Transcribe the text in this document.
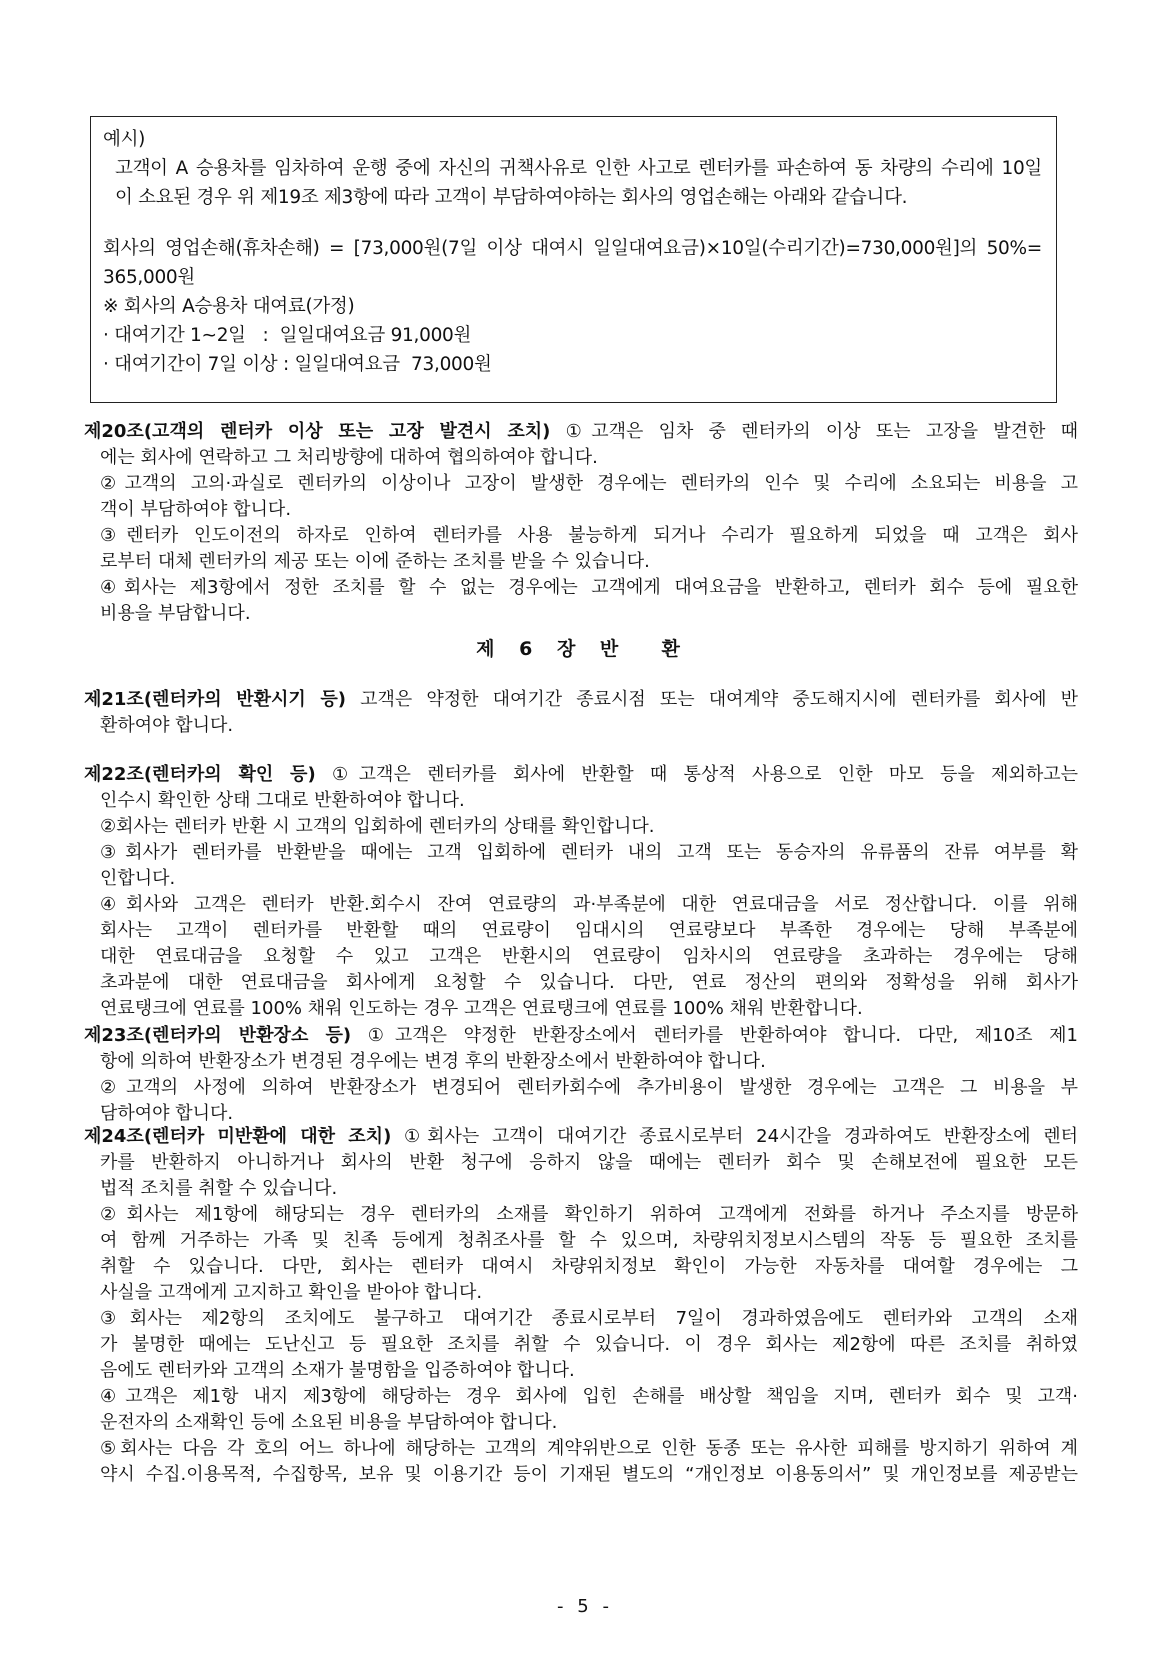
예시)
고객이 A 승용차를 임차하여 운행 중에 자신의 귀책사유로 인한 사고로 렌터카를 파손하여 동 차량의 수리에 10일
이 소요된 경우 위 제19조 제3항에 따라 고객이 부담하여야하는 회사의 영업손해는 아래와 같습니다.
회사의 영업손해(휴차손해) = [73,000원(7일 이상 대여시 일일대여요금)×10일(수리기간)=730,000원]의 50%=
365,000원
※ 회사의 A승용차 대여료(가정)
· 대여기간 1∼2일   :  일일대여요금 91,000원
· 대여기간이 7일 이상 : 일일대여요금  73,000원
제20조(고객의 렌터카 이상 또는 고장 발견시 조치) ①고객은 임차 중 렌터카의 이상 또는 고장을 발견한 때
에는 회사에 연락하고 그 처리방향에 대하여 협의하여야 합니다.
②고객의 고의·과실로 렌터카의 이상이나 고장이 발생한 경우에는 렌터카의 인수 및 수리에 소요되는 비용을 고
객이 부담하여야 합니다.
③렌터카 인도이전의 하자로 인하여 렌터카를 사용 불능하게 되거나 수리가 필요하게 되었을 때 고객은 회사
로부터 대체 렌터카의 제공 또는 이에 준하는 조치를 받을 수 있습니다.
④회사는 제3항에서 정한 조치를 할 수 없는 경우에는 고객에게 대여요금을 반환하고, 렌터카 회수 등에 필요한
비용을 부담합니다.
제 6 장 반  환
제21조(렌터카의 반환시기 등) 고객은 약정한 대여기간 종료시점 또는 대여계약 중도해지시에 렌터카를 회사에 반
환하여야 합니다.
제22조(렌터카의 확인 등) ①고객은 렌터카를 회사에 반환할 때 통상적 사용으로 인한 마모 등을 제외하고는
인수시 확인한 상태 그대로 반환하여야 합니다.
②회사는 렌터카 반환 시 고객의 입회하에 렌터카의 상태를 확인합니다.
③회사가 렌터카를 반환받을 때에는 고객 입회하에 렌터카 내의 고객 또는 동승자의 유류품의 잔류 여부를 확
인합니다.
④회사와 고객은 렌터카 반환.회수시 잔여 연료량의 과·부족분에 대한 연료대금을 서로 정산합니다. 이를 위해
회사는 고객이 렌터카를 반환할 때의 연료량이 임대시의 연료량보다 부족한 경우에는 당해 부족분에
대한 연료대금을 요청할 수 있고 고객은 반환시의 연료량이 임차시의 연료량을 초과하는 경우에는 당해
초과분에 대한 연료대금을 회사에게 요청할 수 있습니다. 다만, 연료 정산의 편의와 정확성을 위해 회사가
연료탱크에 연료를 100% 채워 인도하는 경우 고객은 연료탱크에 연료를 100% 채워 반환합니다.
제23조(렌터카의 반환장소 등) ①고객은 약정한 반환장소에서 렌터카를 반환하여야 합니다. 다만, 제10조 제1
항에 의하여 반환장소가 변경된 경우에는 변경 후의 반환장소에서 반환하여야 합니다.
②고객의 사정에 의하여 반환장소가 변경되어 렌터카회수에 추가비용이 발생한 경우에는 고객은 그 비용을 부
담하여야 합니다.
제24조(렌터카 미반환에 대한 조치) ①회사는 고객이 대여기간 종료시로부터 24시간을 경과하여도 반환장소에 렌터
카를 반환하지 아니하거나 회사의 반환 청구에 응하지 않을 때에는 렌터카 회수 및 손해보전에 필요한 모든
법적 조치를 취할 수 있습니다.
②회사는 제1항에 해당되는 경우 렌터카의 소재를 확인하기 위하여 고객에게 전화를 하거나 주소지를 방문하
여 함께 거주하는 가족 및 친족 등에게 청취조사를 할 수 있으며, 차량위치정보시스템의 작동 등 필요한 조치를
취할 수 있습니다. 다만, 회사는 렌터카 대여시 차량위치정보 확인이 가능한 자동차를 대여할 경우에는 그
사실을 고객에게 고지하고 확인을 받아야 합니다.
③회사는 제2항의 조치에도 불구하고 대여기간 종료시로부터 7일이 경과하였음에도 렌터카와 고객의 소재
가 불명한 때에는 도난신고 등 필요한 조치를 취할 수 있습니다. 이 경우 회사는 제2항에 따른 조치를 취하였
음에도 렌터카와 고객의 소재가 불명함을 입증하여야 합니다.
④고객은 제1항 내지 제3항에 해당하는 경우 회사에 입힌 손해를 배상할 책임을 지며, 렌터카 회수 및 고객·
운전자의 소재확인 등에 소요된 비용을 부담하여야 합니다.
⑤회사는 다음 각 호의 어느 하나에 해당하는 고객의 계약위반으로 인한 동종 또는 유사한 피해를 방지하기 위하여 계
약시 수집.이용목적, 수집항목, 보유 및 이용기간 등이 기재된 별도의 “개인정보 이용동의서” 및 개인정보를 제공받는
- 5 -
